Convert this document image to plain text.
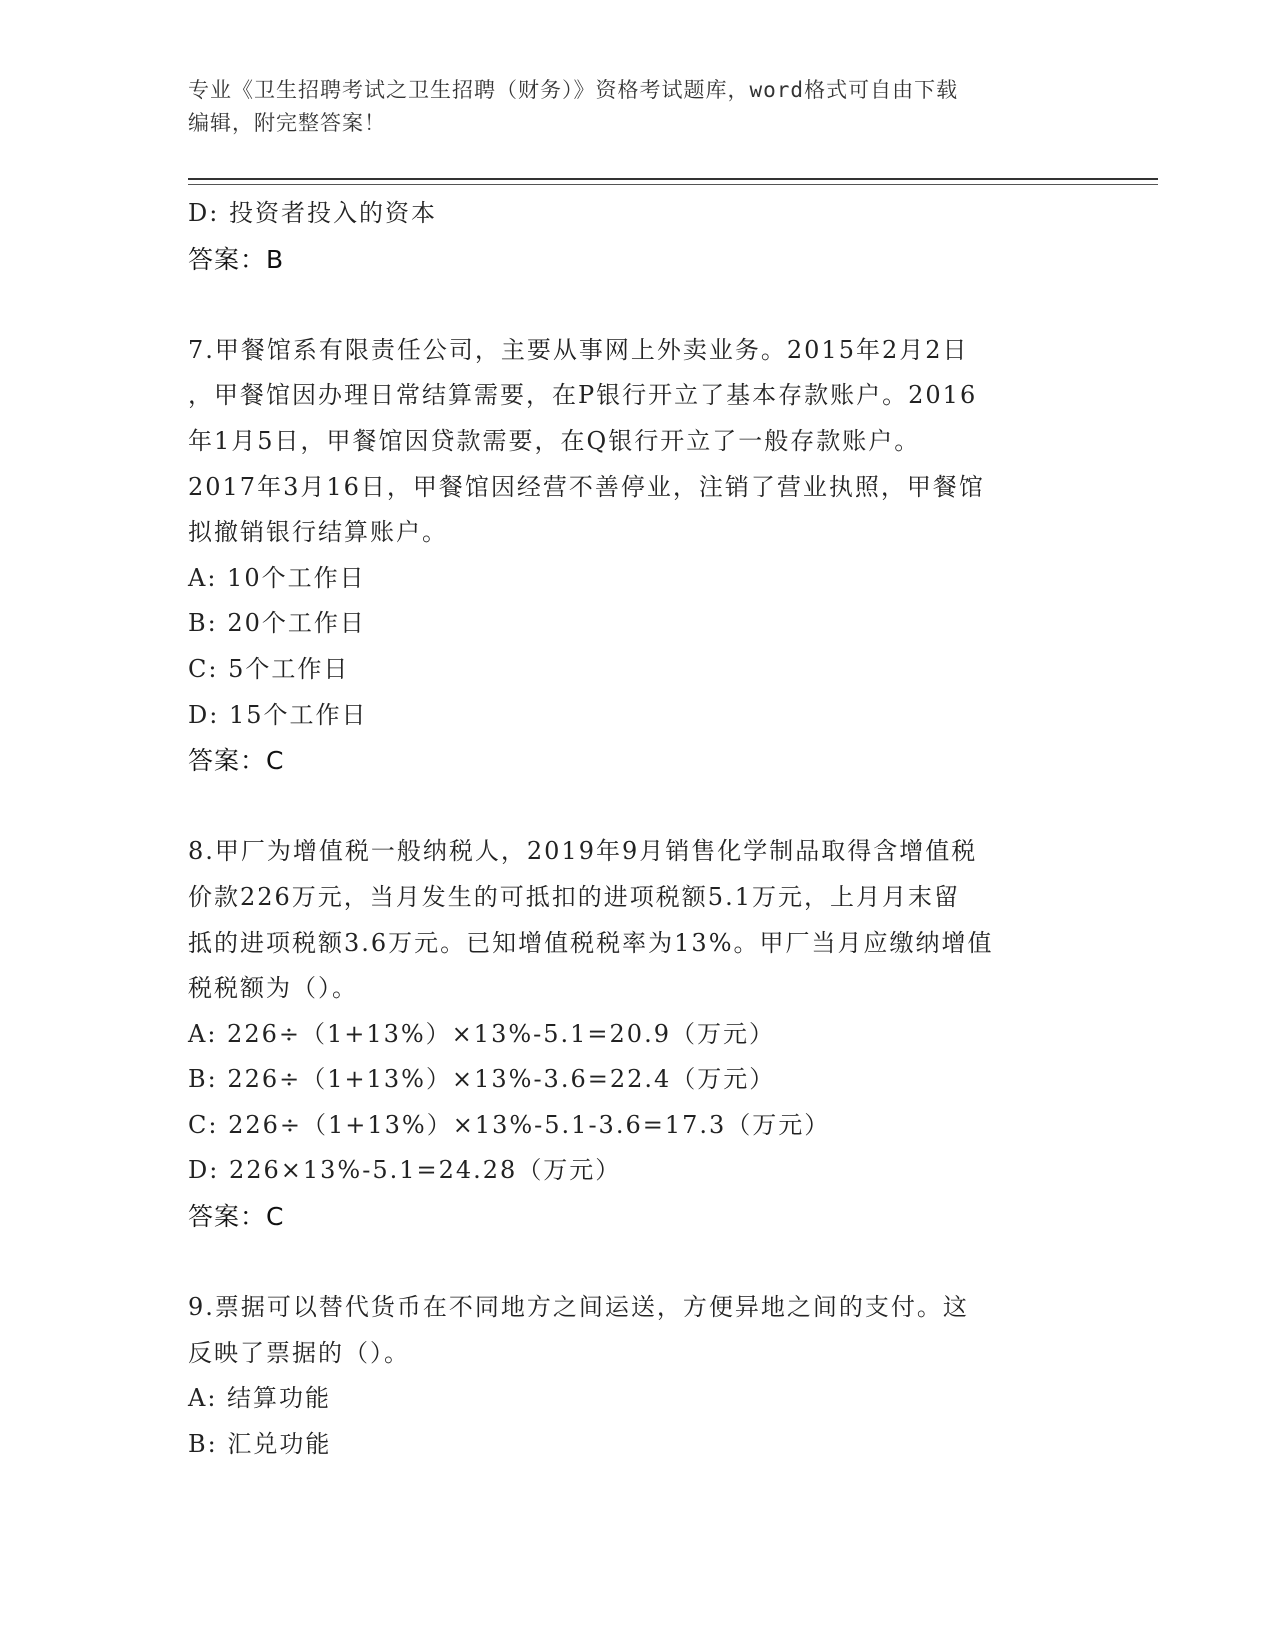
专业《卫生招聘考试之卫生招聘（财务）》资格考试题库，word格式可自由下载
编辑，附完整答案！
D: 投资者投入的资本
答案：B
7.甲餐馆系有限责任公司，主要从事网上外卖业务。2015年2月2日
，甲餐馆因办理日常结算需要，在P银行开立了基本存款账户。2016
年1月5日，甲餐馆因贷款需要，在Q银行开立了一般存款账户。
2017年3月16日，甲餐馆因经营不善停业，注销了营业执照，甲餐馆
拟撤销银行结算账户。
A: 10个工作日
B: 20个工作日
C: 5个工作日
D: 15个工作日
答案：C
8.甲厂为增值税一般纳税人，2019年9月销售化学制品取得含增值税
价款226万元，当月发生的可抵扣的进项税额5.1万元，上月月末留
抵的进项税额3.6万元。已知增值税税率为13%。甲厂当月应缴纳增值
税税额为（）。
A: 226÷（1+13%）×13%-5.1=20.9（万元）
B: 226÷（1+13%）×13%-3.6=22.4（万元）
C: 226÷（1+13%）×13%-5.1-3.6=17.3（万元）
D: 226×13%-5.1=24.28（万元）
答案：C
9.票据可以替代货币在不同地方之间运送，方便异地之间的支付。这
反映了票据的（）。
A: 结算功能
B: 汇兑功能
